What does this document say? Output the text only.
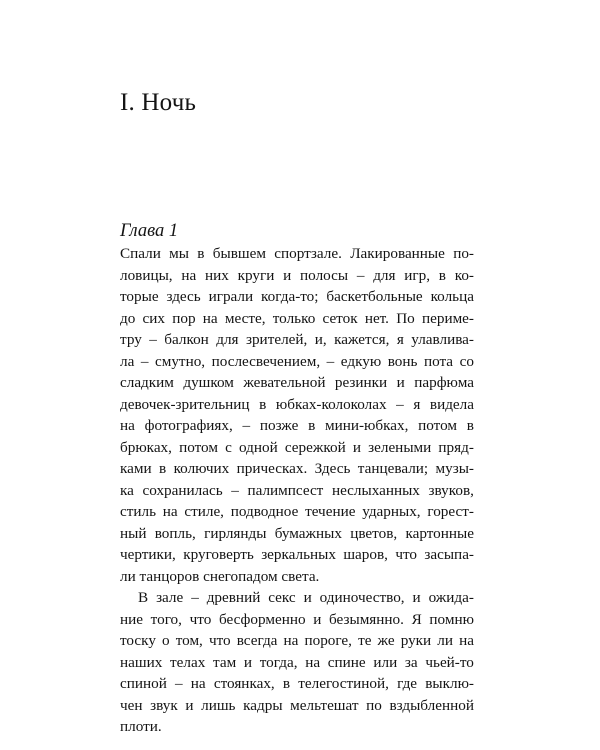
I. Ночь
Глава 1
Спали мы в бывшем спортзале. Лакированные по-
ловицы, на них круги и полосы – для игр, в ко-
торые здесь играли когда-то; баскетбольные кольца
до сих пор на месте, только сеток нет. По периме-
тру – балкон для зрителей, и, кажется, я улавлива-
ла – смутно, послесвечением, – едкую вонь пота со
сладким душком жевательной резинки и парфюма
девочек-зрительниц в юбках-колоколах – я видела
на фотографиях, – позже в мини-юбках, потом в
брюках, потом с одной сережкой и зелеными пряд-
ками в колючих прическах. Здесь танцевали; музы-
ка сохранилась – палимпсест неслыханных звуков,
стиль на стиле, подводное течение ударных, горест-
ный вопль, гирлянды бумажных цветов, картонные
чертики, круговерть зеркальных шаров, что засыпа-
ли танцоров снегопадом света.
В зале – древний секс и одиночество, и ожида-
ние того, что бесформенно и безымянно. Я помню
тоску о том, что всегда на пороге, те же руки ли на
наших телах там и тогда, на спине или за чьей-то
спиной – на стоянках, в телегостиной, где выклю-
чен звук и лишь кадры мельтешат по вздыбленной
плоти.
